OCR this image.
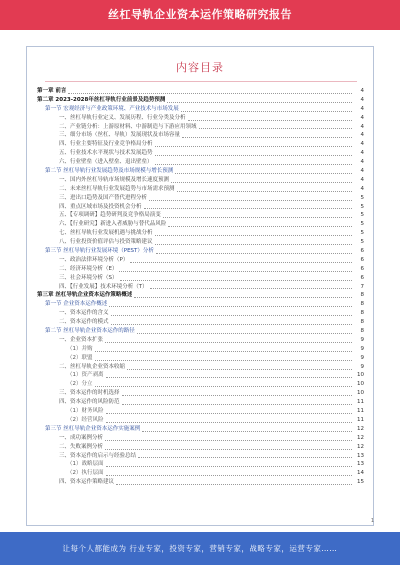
丝杠导轨企业资本运作策略研究报告
内容目录
第一章 前言	4
第二章 2023-2028年丝杠导轨行业前景及趋势预测	4
第一节 宏观经济与产业政策环境、产业技术与市场发展	4
一、丝杠导轨行业定义、发展历程、行业分类及分析	4
二、产业链分析：上游原材料、中游制造与下游应用领域	4
三、细分市场（丝杠、导轨）发展现状及市场容量	4
四、行业主要特征及行业竞争格局分析	4
五、行业技术水平现状与技术发展趋势	4
六、行业壁垒（进入壁垒、退出壁垒）	4
第二节 丝杠导轨行业发展趋势及市场规模与增长预测	4
一、国内外丝杠导轨市场规模及增长速度预测	4
二、未来丝杠导轨行业发展趋势与市场需求预测	4
三、进出口趋势及国产替代进程分析	5
四、重点区域市场及投资机会分析	5
五、【专项调研】趋势研判及竞争格局演变	5
六、【行业研究】新进入者威胁与替代品风险	5
七、丝杠导轨行业发展机遇与挑战分析	5
八、行业投资价值评估与投资策略建议	5
第三节 丝杠导轨行业发展环境（PEST）分析	6
一、政治法律环境分析（P）	6
二、经济环境分析（E）	6
三、社会环境分析（S）	6
四、【行业发展】技术环境分析（T）	7
第三章 丝杠导轨企业资本运作策略概述	8
第一节 企业资本运作概述	8
一、资本运作的含义	8
二、资本运作的模式	8
第二节 丝杠导轨企业资本运作的路径	8
一、企业资本扩张	9
（1）并购	9
（2）联盟	9
二、丝杠导轨企业资本收缩	9
（1）资产剥离	10
（2）分立	10
三、资本运作的时机选择	10
四、资本运作的风险防范	11
（1）财务风险	11
（2）经营风险	11
第三节 丝杠导轨企业资本运作实施案例	12
一、成功案例分析	12
二、失败案例分析	12
三、资本运作的启示与经验总结	13
（1）战略层面	13
（2）执行层面	14
四、资本运作策略建议	15
1
让每个人都能成为 行业专家，投资专家，营销专家，战略专家，运营专家……
